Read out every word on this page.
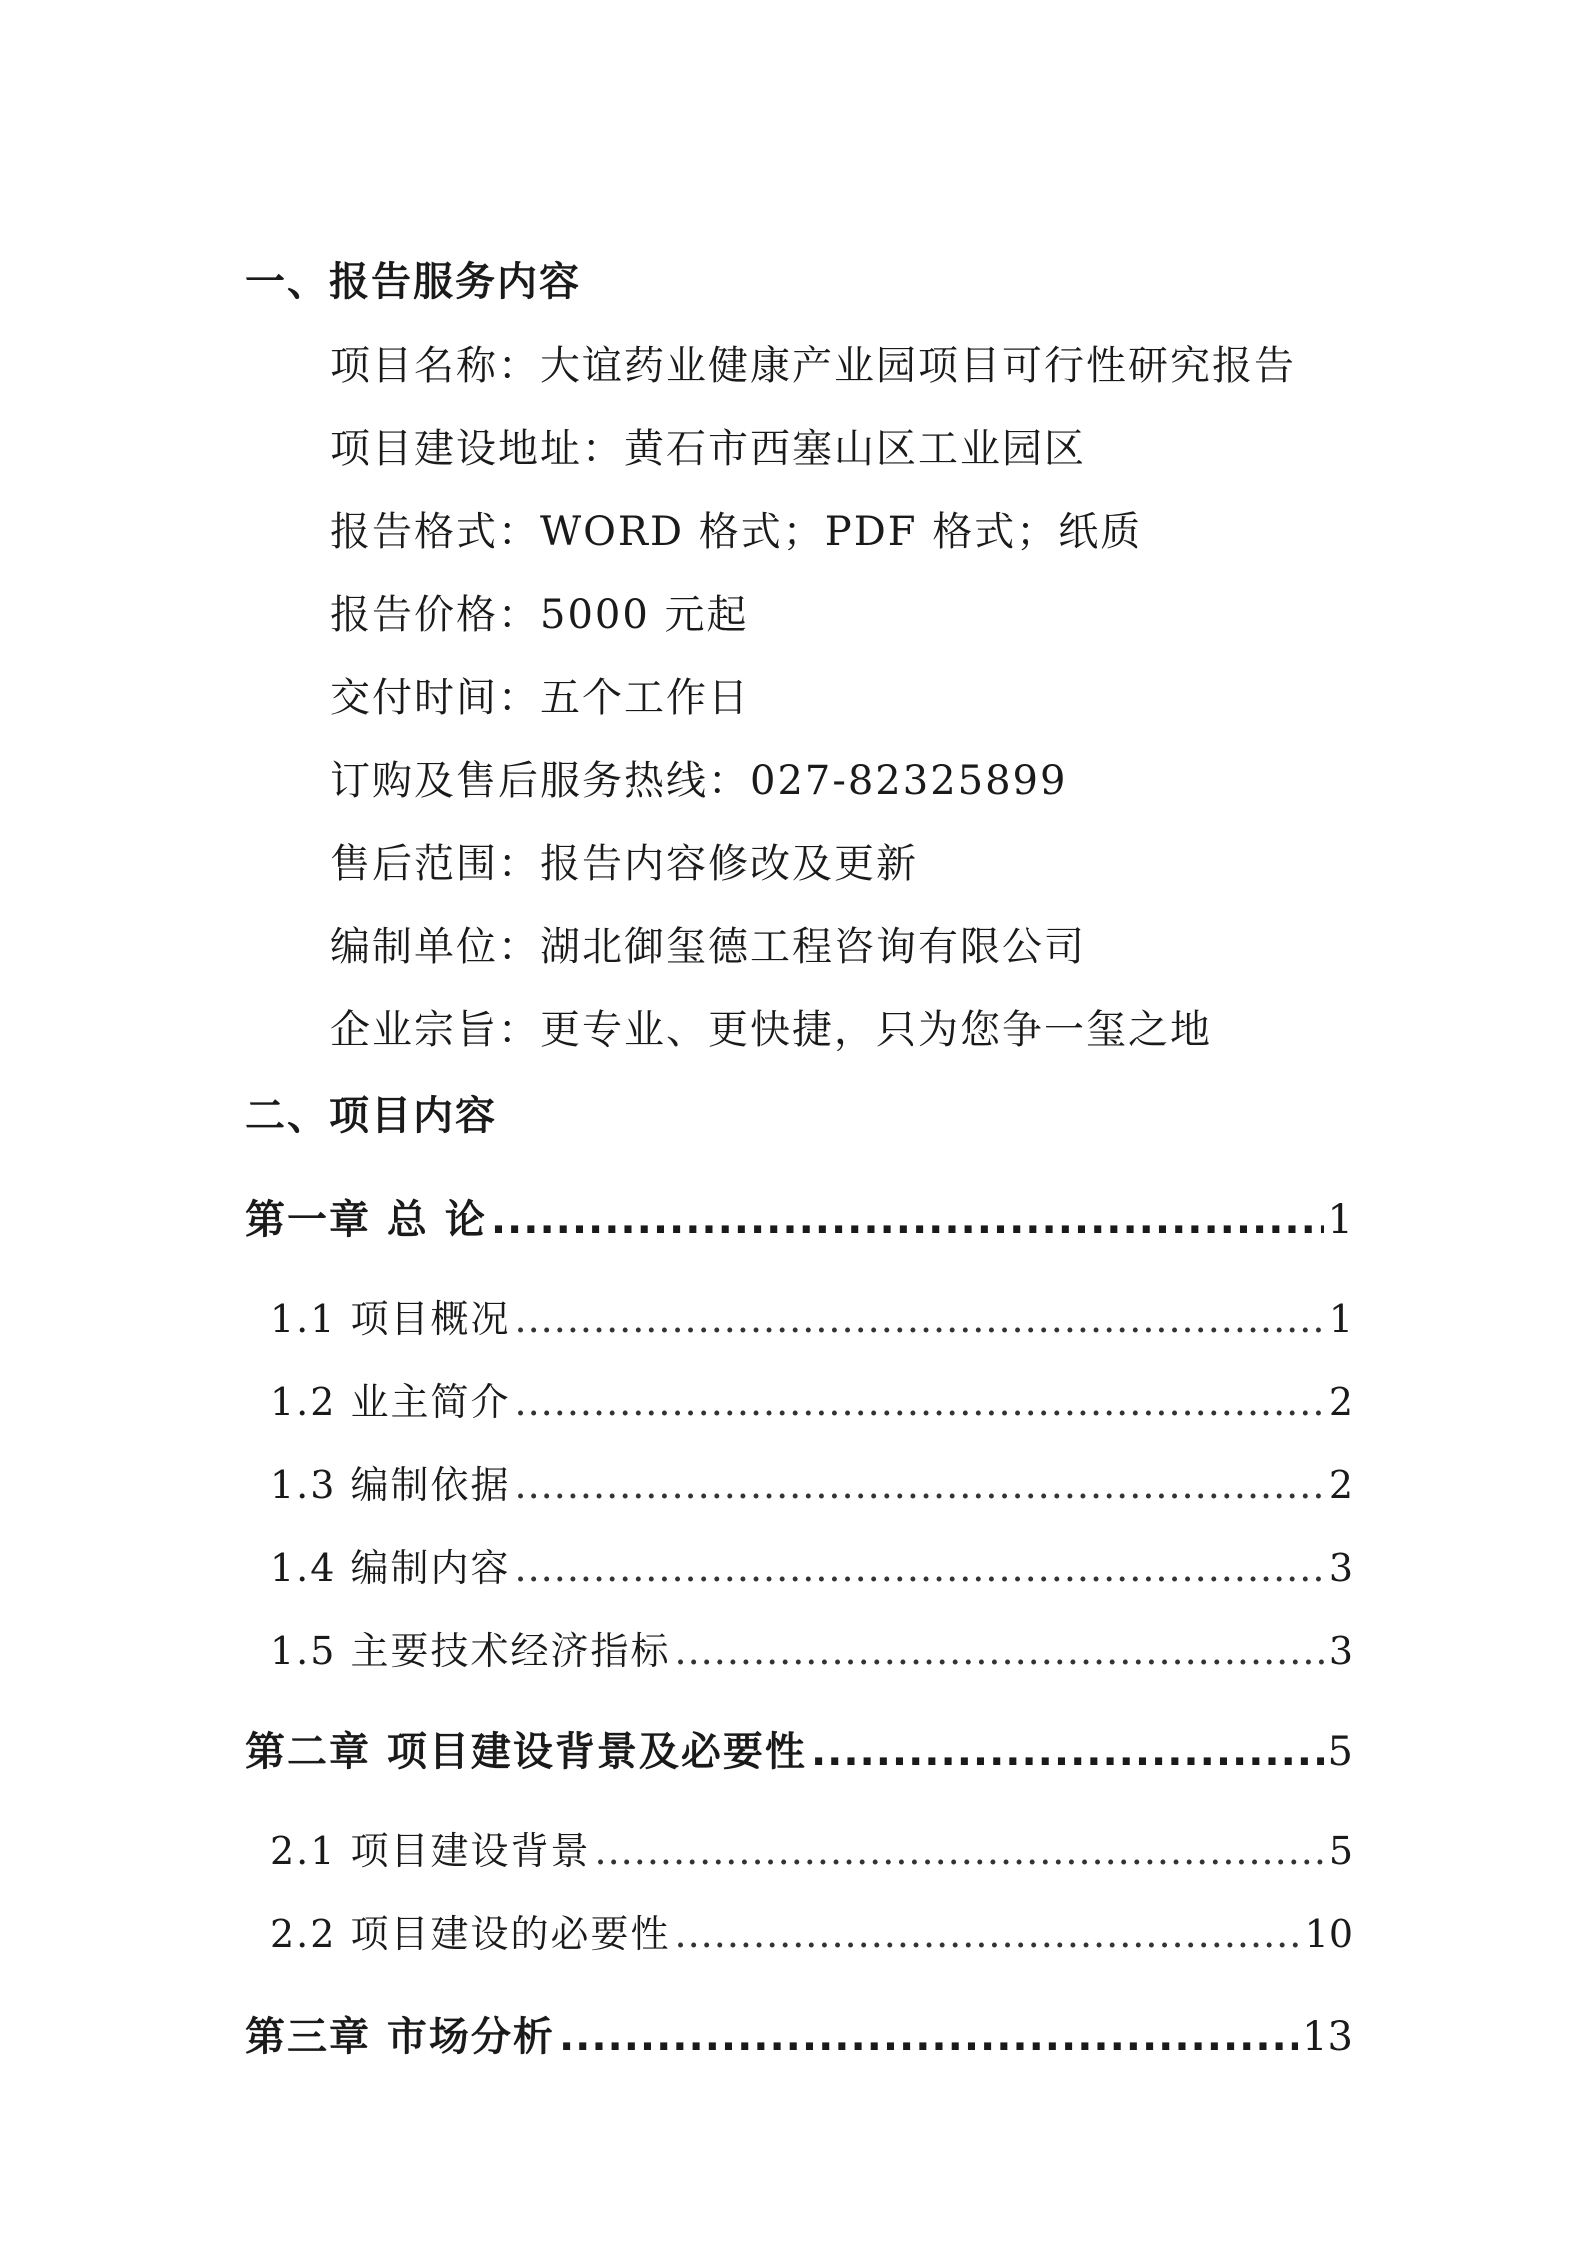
一、报告服务内容
项目名称：大谊药业健康产业园项目可行性研究报告
项目建设地址：黄石市西塞山区工业园区
报告格式：WORD 格式；PDF 格式；纸质
报告价格：5000 元起
交付时间：五个工作日
订购及售后服务热线：027-82325899
售后范围：报告内容修改及更新
编制单位：湖北御玺德工程咨询有限公司
企业宗旨：更专业、更快捷，只为您争一玺之地
二、项目内容
第一章 总 论 .....	1
1.1 项目概况 .....	1
1.2 业主简介 .....	2
1.3 编制依据 .....	2
1.4 编制内容 .....	3
1.5 主要技术经济指标 .....	3
第二章 项目建设背景及必要性 .....	5
2.1 项目建设背景 .....	5
2.2 项目建设的必要性 .....	10
第三章 市场分析 .....	13
